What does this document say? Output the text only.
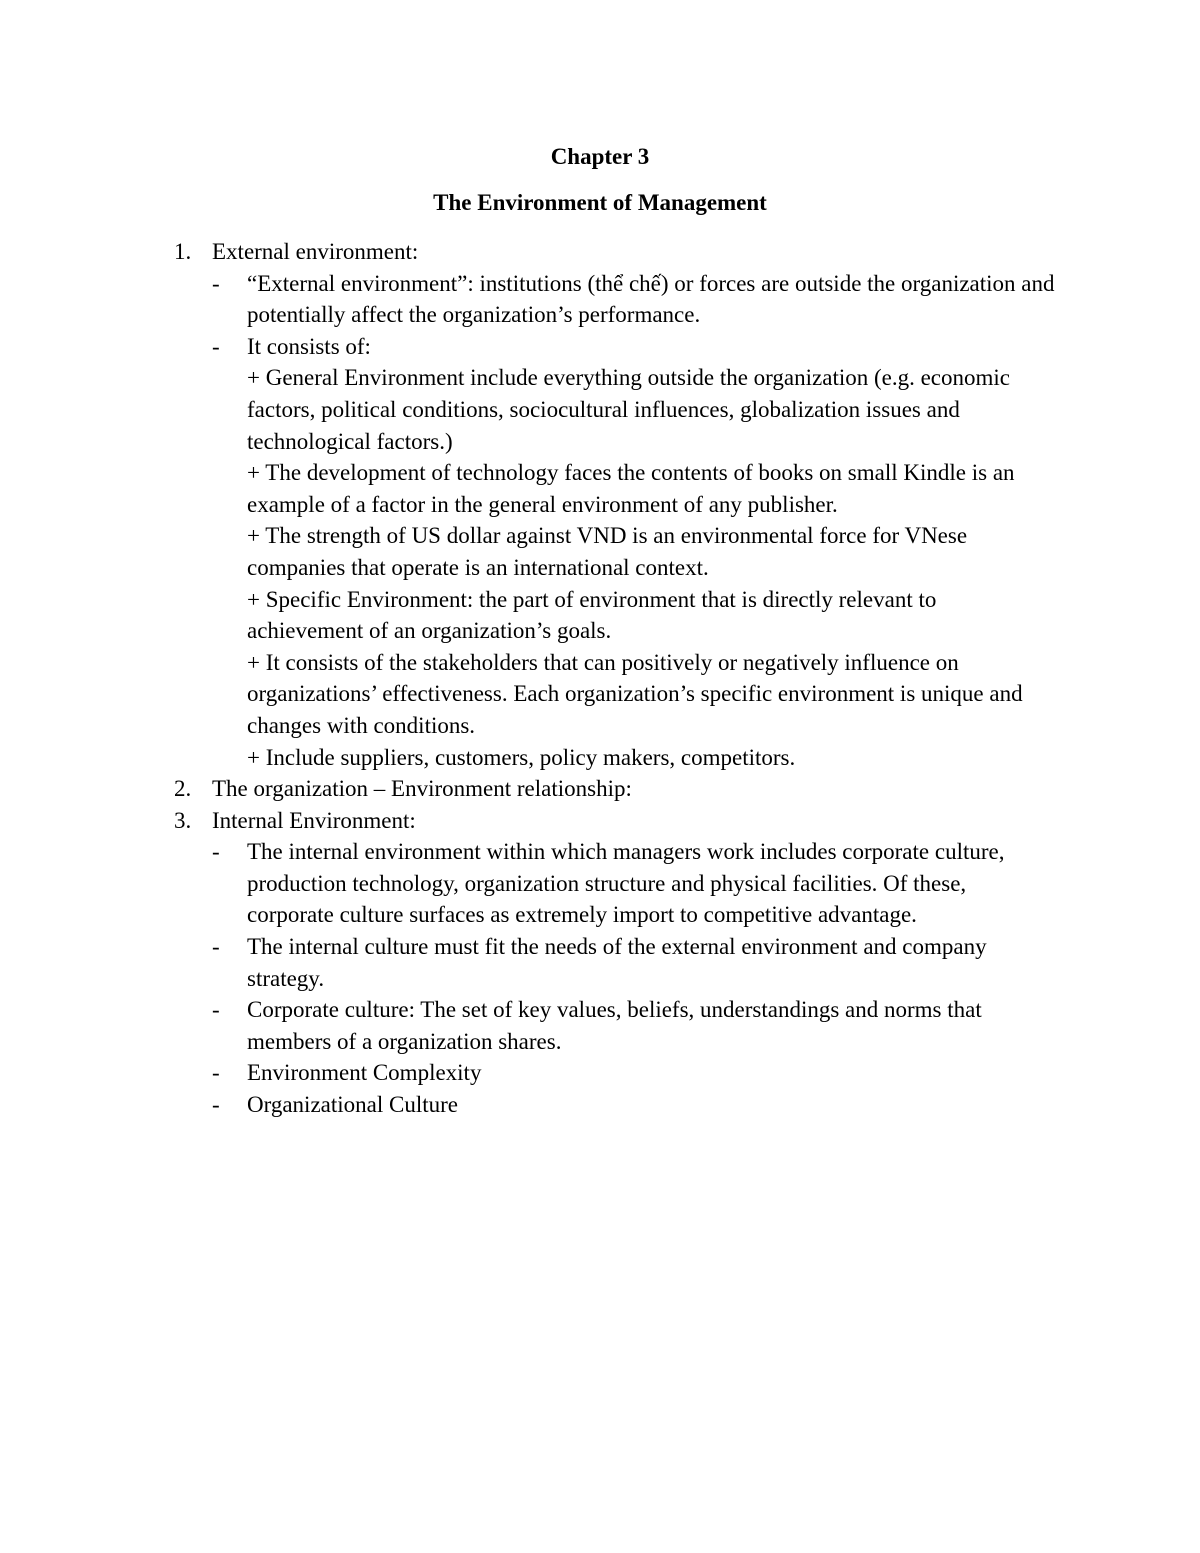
Chapter 3
The Environment of Management
1. External environment:
- “External environment”: institutions (thể chế) or forces are outside the organization and potentially affect the organization’s performance.
- It consists of:
+ General Environment include everything outside the organization (e.g. economic factors, political conditions, sociocultural influences, globalization issues and technological factors.)
+ The development of technology faces the contents of books on small Kindle is an example of a factor in the general environment of any publisher.
+ The strength of US dollar against VND is an environmental force for VNese companies that operate is an international context.
+ Specific Environment: the part of environment that is directly relevant to achievement of an organization’s goals.
+ It consists of the stakeholders that can positively or negatively influence on organizations’ effectiveness. Each organization’s specific environment is unique and changes with conditions.
+ Include suppliers, customers, policy makers, competitors.
2. The organization – Environment relationship:
3. Internal Environment:
- The internal environment within which managers work includes corporate culture, production technology, organization structure and physical facilities. Of these, corporate culture surfaces as extremely import to competitive advantage.
- The internal culture must fit the needs of the external environment and company strategy.
- Corporate culture: The set of key values, beliefs, understandings and norms that members of a organization shares.
- Environment Complexity
- Organizational Culture
